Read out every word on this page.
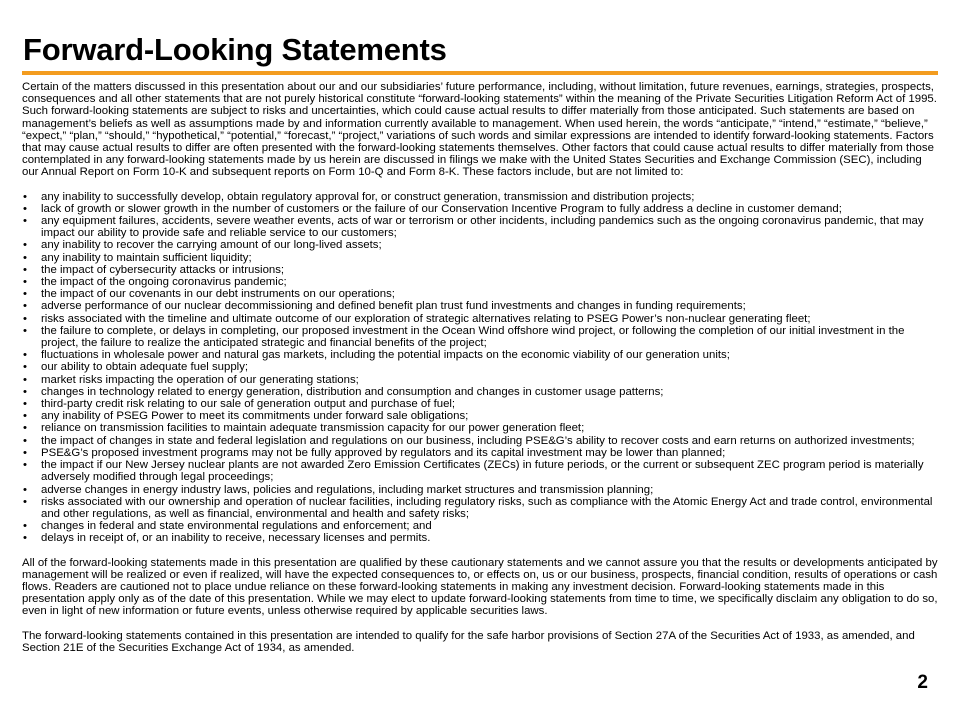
Forward-Looking Statements

Certain of the matters discussed in this presentation about our and our subsidiaries’ future performance, including, without limitation, future revenues, earnings, strategies, prospects, consequences and all other statements that are not purely historical constitute “forward-looking statements” within the meaning of the Private Securities Litigation Reform Act of 1995. Such forward-looking statements are subject to risks and uncertainties, which could cause actual results to differ materially from those anticipated. Such statements are based on management’s beliefs as well as assumptions made by and information currently available to management. When used herein, the words “anticipate,” “intend,” “estimate,” “believe,” “expect,” “plan,” “should,” “hypothetical,” “potential,” “forecast,” “project,” variations of such words and similar expressions are intended to identify forward-looking statements. Factors that may cause actual results to differ are often presented with the forward-looking statements themselves. Other factors that could cause actual results to differ materially from those contemplated in any forward-looking statements made by us herein are discussed in filings we make with the United States Securities and Exchange Commission (SEC), including our Annual Report on Form 10-K and subsequent reports on Form 10-Q and Form 8-K. These factors include, but are not limited to:

• any inability to successfully develop, obtain regulatory approval for, or construct generation, transmission and distribution projects;
• lack of growth or slower growth in the number of customers or the failure of our Conservation Incentive Program to fully address a decline in customer demand;
• any equipment failures, accidents, severe weather events, acts of war or terrorism or other incidents, including pandemics such as the ongoing coronavirus pandemic, that may impact our ability to provide safe and reliable service to our customers;
• any inability to recover the carrying amount of our long-lived assets;
• any inability to maintain sufficient liquidity;
• the impact of cybersecurity attacks or intrusions;
• the impact of the ongoing coronavirus pandemic;
• the impact of our covenants in our debt instruments on our operations;
• adverse performance of our nuclear decommissioning and defined benefit plan trust fund investments and changes in funding requirements;
• risks associated with the timeline and ultimate outcome of our exploration of strategic alternatives relating to PSEG Power’s non-nuclear generating fleet;
• the failure to complete, or delays in completing, our proposed investment in the Ocean Wind offshore wind project, or following the completion of our initial investment in the project, the failure to realize the anticipated strategic and financial benefits of the project;
• fluctuations in wholesale power and natural gas markets, including the potential impacts on the economic viability of our generation units;
• our ability to obtain adequate fuel supply;
• market risks impacting the operation of our generating stations;
• changes in technology related to energy generation, distribution and consumption and changes in customer usage patterns;
• third-party credit risk relating to our sale of generation output and purchase of fuel;
• any inability of PSEG Power to meet its commitments under forward sale obligations;
• reliance on transmission facilities to maintain adequate transmission capacity for our power generation fleet;
• the impact of changes in state and federal legislation and regulations on our business, including PSE&G’s ability to recover costs and earn returns on authorized investments;
• PSE&G’s proposed investment programs may not be fully approved by regulators and its capital investment may be lower than planned;
• the impact if our New Jersey nuclear plants are not awarded Zero Emission Certificates (ZECs) in future periods, or the current or subsequent ZEC program period is materially adversely modified through legal proceedings;
• adverse changes in energy industry laws, policies and regulations, including market structures and transmission planning;
• risks associated with our ownership and operation of nuclear facilities, including regulatory risks, such as compliance with the Atomic Energy Act and trade control, environmental and other regulations, as well as financial, environmental and health and safety risks;
• changes in federal and state environmental regulations and enforcement; and
• delays in receipt of, or an inability to receive, necessary licenses and permits.

All of the forward-looking statements made in this presentation are qualified by these cautionary statements and we cannot assure you that the results or developments anticipated by management will be realized or even if realized, will have the expected consequences to, or effects on, us or our business, prospects, financial condition, results of operations or cash flows. Readers are cautioned not to place undue reliance on these forward-looking statements in making any investment decision. Forward-looking statements made in this presentation apply only as of the date of this presentation. While we may elect to update forward-looking statements from time to time, we specifically disclaim any obligation to do so, even in light of new information or future events, unless otherwise required by applicable securities laws.

The forward-looking statements contained in this presentation are intended to qualify for the safe harbor provisions of Section 27A of the Securities Act of 1933, as amended, and Section 21E of the Securities Exchange Act of 1934, as amended.

2
